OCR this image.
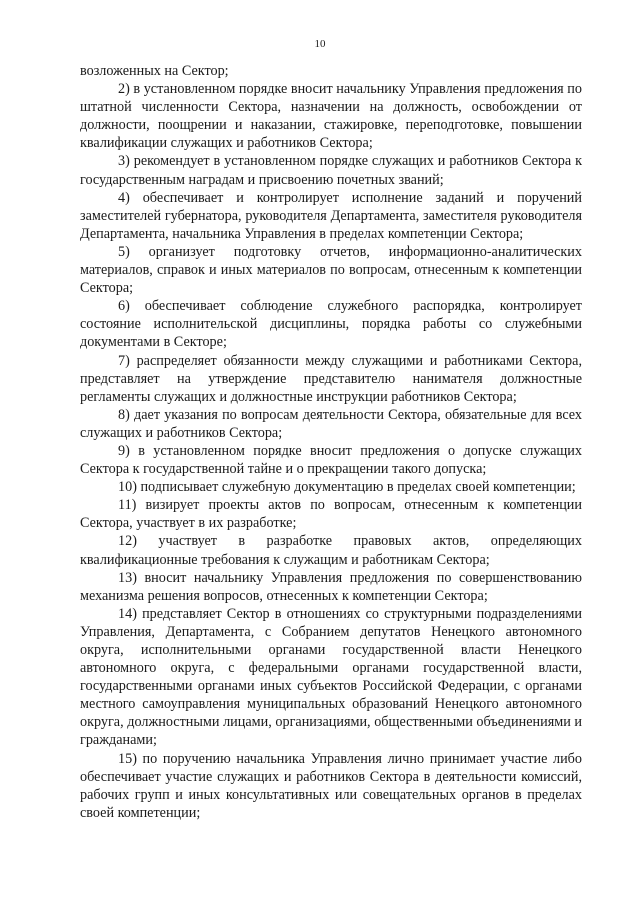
10

возложенных на Сектор;

2) в установленном порядке вносит начальнику Управления предложения по штатной численности Сектора, назначении на должность, освобождении от должности, поощрении и наказании, стажировке, переподготовке, повышении квалификации служащих и работников Сектора;

3) рекомендует в установленном порядке служащих и работников Сектора к государственным наградам и присвоению почетных званий;

4) обеспечивает и контролирует исполнение заданий и поручений заместителей губернатора, руководителя Департамента, заместителя руководителя Департамента, начальника Управления в пределах компетенции Сектора;

5) организует подготовку отчетов, информационно-аналитических материалов, справок и иных материалов по вопросам, отнесенным к компетенции Сектора;

6) обеспечивает соблюдение служебного распорядка, контролирует состояние исполнительской дисциплины, порядка работы со служебными документами в Секторе;

7) распределяет обязанности между служащими и работниками Сектора, представляет на утверждение представителю нанимателя должностные регламенты служащих и должностные инструкции работников Сектора;

8) дает указания по вопросам деятельности Сектора, обязательные для всех служащих и работников Сектора;

9) в установленном порядке вносит предложения о допуске служащих Сектора к государственной тайне и о прекращении такого допуска;

10) подписывает служебную документацию в пределах своей компетенции;

11) визирует проекты актов по вопросам, отнесенным к компетенции Сектора, участвует в их разработке;

12) участвует в разработке правовых актов, определяющих квалификационные требования к служащим и работникам Сектора;

13) вносит начальнику Управления предложения по совершенствованию механизма решения вопросов, отнесенных к компетенции Сектора;

14) представляет Сектор в отношениях со структурными подразделениями Управления, Департамента, с Собранием депутатов Ненецкого автономного округа, исполнительными органами государственной власти Ненецкого автономного округа, с федеральными органами государственной власти, государственными органами иных субъектов Российской Федерации, с органами местного самоуправления муниципальных образований Ненецкого автономного округа, должностными лицами, организациями, общественными объединениями и гражданами;

15) по поручению начальника Управления лично принимает участие либо обеспечивает участие служащих и работников Сектора в деятельности комиссий, рабочих групп и иных консультативных или совещательных органов в пределах своей компетенции;
